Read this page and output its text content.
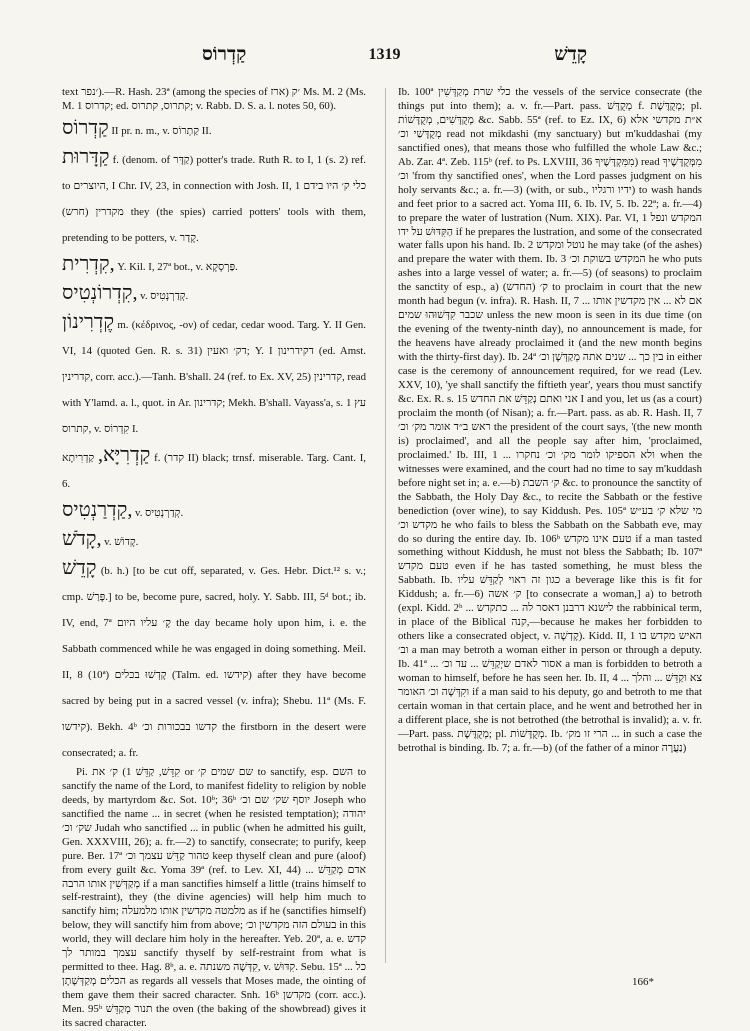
קַדְרוֹס	1319	קָדֵשׁ

text ׳נפר).—R. Hash. 23ª (among the species of ארז) ׳ק Ms. M. 2 (Ms. M. 1 ‏קדרוס; ed. ‏קתרוס, קתרוס; v. Rabb. D. S. a. l. notes 50, 60).

קַדְרוֹס II pr. n. m., v. קַתְרוֹס II.

קַדָּרוּת f. (denom. of קַדָּר) potter's trade. Ruth R. to I, 1 (s. 2) ref. to ‏היוצרים, I Chr. IV, 23, in connection with Josh. II, 1 ‏כלי ק׳ היו בידם מקדרין (חרש) they (the spies) carried potters' tools with them, pretending to be potters, v. קָדַר.

קִדְרִית, Y. Kil. I, 27ª bot., v. פַּרְסְקָא.

קִדְרוֹנְטִיס, v. קְדַרְנְטִיס.

קֶדְרִינוֹן m. (κέδρινος, -ον) of cedar, cedar wood. Targ. Y. II Gen. VI, 14 (quoted Gen. R. s. 31) ‏דק׳ ואעין; Y. I ‏דקידרינון (ed. Amst. ‏קדרינין, corr. acc.).—Tanh. B'shall. 24 (ref. to Ex. XV, 25) ‏קדרינין, read with Y'lamd. a. l., quot. in Ar. ‏קדרינון; Mekh. B'shall. Vayass'a, s. 1 ‏עץ קתרוס, v. קִדְרוֹס I.

קַדְרִיָּא, קַדְרִיתָא f. (קדר II) black; trnsf. miserable. Targ. Cant. I, 6.

קַדְרַנְטִיס, v. קְדַרְנְטִיס.

קָדֹשׁ, v. קָדוֹשׁ.

קָדֵשׁ (b. h.) [to be cut off, separated, v. Ges. Hebr. Dict.¹² s. v.; cmp. פָּרַשׁ.] to be, become pure, sacred, holy. Y. Sabb. III, 5ᵈ bot.; ib. IV, end, 7ª ‏קָ׳ עליו היום the day became holy upon him, i. e. the Sabbath commenced while he was engaged in doing something. Meil. II, 8 (10ª) ‏קָדְשׁוּ בכלים (Talm. ed. ‏קידשו) after they have become sacred by being put in a sacred vessel (v. infra); Shebu. 11ª (Ms. F. ‏קידשו). Bekh. 4ᵇ ‏קדשו בבכורות וכ׳ the firstborn in the desert were consecrated; a. fr.

Pi. קִדֵּשׁ, קַדֵּשׁ 1) ‏ק׳ את or שם שמים ‏ק׳ to sanctify, esp. ‏השם to sanctify the name of the Lord, to manifest fidelity to religion by noble deeds, by martyrdom &c. Sot. 10ᵇ; 36ᵇ ‏יוסף שק׳ שם וכ׳ Joseph who sanctified the name ... in secret (when he resisted temptation); ‏יהודה שק׳ וכ׳ Judah who sanctified ... in public (when he admitted his guilt, Gen. XXXVIII, 26); a. fr.—2) to sanctify, consecrate; to purify, keep pure. Ber. 17ª ‏טהור קַדֵּשׁ עצמך וכ׳ keep thyself clean and pure (aloof) from every guilt &c. Yoma 39ª (ref. to Lev. XI, 44) ... ‏אדם מְקַדֵּשׁ ‏מְקַדְּשִׁין אותו הרבה if a man sanctifies himself a little (trains himself to self-restraint), they (the divine agencies) will help him much to sanctify him; ‏מלמטה מקדשין אותו מלמעלה as if he (sanctifies himself) below, they will sanctify him from above; ‏בעולם הזה מקדשין וכ׳ in this world, they will declare him holy in the hereafter. Yeb. 20ª, a. e. ‏קדש עצמך במותר לך sanctify thyself by self-restraint from what is permitted to thee. Hag. 8ᵇ, a. e. ‏קִדְּשָׁה משנתה, v. קִדּוּשׁ. Sebu. 15ª ... ‏כל הכלים ‏מְקַדְּשָׁתָן as regards all vessels that Moses made, the ointing of them gave them their sacred character. Snh. 16ᵇ ‏מקדשן (corr. acc.). Men. 95ᵇ ‏תנור מְקַדֵּשׁ the oven (the baking of the showbread) gives it its sacred character.

Ib. 100ª ‏כלי שרת מְקַדְּשִׁין the vessels of the service consecrate (the things put into them); a. v. fr.—Part. pass. ‏מְקֻדָּשׁ f. ‏מְקֻדֶּשֶׁת; pl. ‏מְקֻדָּשִׁים, ‏מְקֻדָּשׁוֹת &c. Sabb. 55ª (ref. to Ez. IX, 6) ‏א״ת מקדשי אלא מְקֻדָּשַׁי וכ׳ read not mikdashi (my sanctuary) but m'kuddashai (my sanctified ones), that means those who fulfilled the whole Law &c.; Ab. Zar. 4ª. Zeb. 115ᵇ (ref. to Ps. LXVIII, 36 ‏מִמִּקְדָּשֶׁיךָ) read ‏מִמְּקֻדָּשֶׁיךָ וכ׳ 'from thy sanctified ones', when the Lord passes judgment on his holy servants &c.; a. fr.—3) (with, or sub., ‏ידיו ורגליו) to wash hands and feet prior to a sacred act. Yoma III, 6. Ib. IV, 5. Ib. 22ª; a. fr.—4) to prepare the water of lustration (Num. XIX). Par. VI, 1 ‏המקדש ונפל ‏הַקִּדּוּשׁ על ידו if he prepares the lustration, and some of the consecrated water falls upon his hand. Ib. 2 ‏נוטל ומקדש he may take (of the ashes) and prepare the water with them. Ib. 3 ‏המקדש בשוקת וכ׳ he who puts ashes into a large vessel of water; a. fr.—5) (of seasons) to proclaim the sanctity of esp., a) ‏ק׳ (החדש) to proclaim in court that the new month had begun (v. infra). R. Hash. II, 7 ... ‏אם לא ... אין מקדשין אותו שכבר קִדְּשׁוּהוּ שמים unless the new moon is seen in its due time (on the evening of the twenty-ninth day), no announcement is made, for the heavens have already proclaimed it (and the new month begins with the thirty-first day). Ib. 24ª ‏בין כך ... שנים אתה מְקַדְּשָׁן וכ׳ in either case is the ceremony of announcement required, for we read (Lev. XXV, 10), 'ye shall sanctify the fiftieth year', years thou must sanctify &c. Ex. R. s. 15 ‏אני ואתם נְקַדֵּשׁ את החדש I and you, let us (as a court) proclaim the month (of Nisan); a. fr.—Part. pass. as ab. R. Hash. II, 7 ‏ראש ב״ד אומר מק׳ וכ׳ the president of the court says, '(the new month is) proclaimed', and all the people say after him, 'proclaimed, proclaimed.' Ib. III, 1 ... ‏ולא הספיקו לומר מק׳ וכ׳ ‏נחקרו when the witnesses were examined, and the court had no time to say m'kuddash before night set in; a. e.—b) ‏ק׳ השבת &c. to pronounce the sanctity of the Sabbath, the Holy Day &c., to recite the Sabbath or the festive benediction (over wine), to say Kiddush. Pes. 105ª ‏מי שלא ק׳ בע״ש ‏מקדש וכ׳ he who fails to bless the Sabbath on the Sabbath eve, may do so during the entire day. Ib. 106ᵇ ‏טעם אינו מקדש if a man tasted something without Kiddush, he must not bless the Sabbath; Ib. 107ª ‏טעם מקדש even if he has tasted something, he must bless the Sabbath. Ib. ‏כגון זה ראוי לְקַדֵּשׁ עליו a beverage like this is fit for Kiddush; a. fr.—6) ‏ק׳ אשה [to consecrate a woman,] a) to betroth (expl. Kidd. 2ᵇ ... ‏לישנא דרבנן דאסר לה ... כתקדש the rabbinical term, in place of the Biblical ‏קנה,—because he makes her forbidden to others like a consecrated object, v. קָדְשָׁה). Kidd. II, 1 ‏האיש מקדש בו וב׳ a man may betroth a woman either in person or through a deputy. Ib. 41ª ... ‏אסור לאדם שיְקַדֵּשׁ ... עד וכ׳ a man is forbidden to betroth a woman to himself, before he has seen her. Ib. II, 4 ... ‏צא וקַדֵּשׁ ... והלך וקִדְּשָׁה וכ׳ ‏האומר if a man said to his deputy, go and betroth to me that certain woman in that certain place, and he went and betrothed her in a different place, she is not betrothed (the betrothal is invalid); a. v. fr.—Part. pass. ‏מְקֻדֶּשֶׁת; pl. ‏מְקֻדָּשׁוֹת. Ib. ‏הרי זו מק׳ ... in such a case the betrothal is binding. Ib. 7; a. fr.—b) (of the father of a minor ‏נַעֲרָה)

166*
